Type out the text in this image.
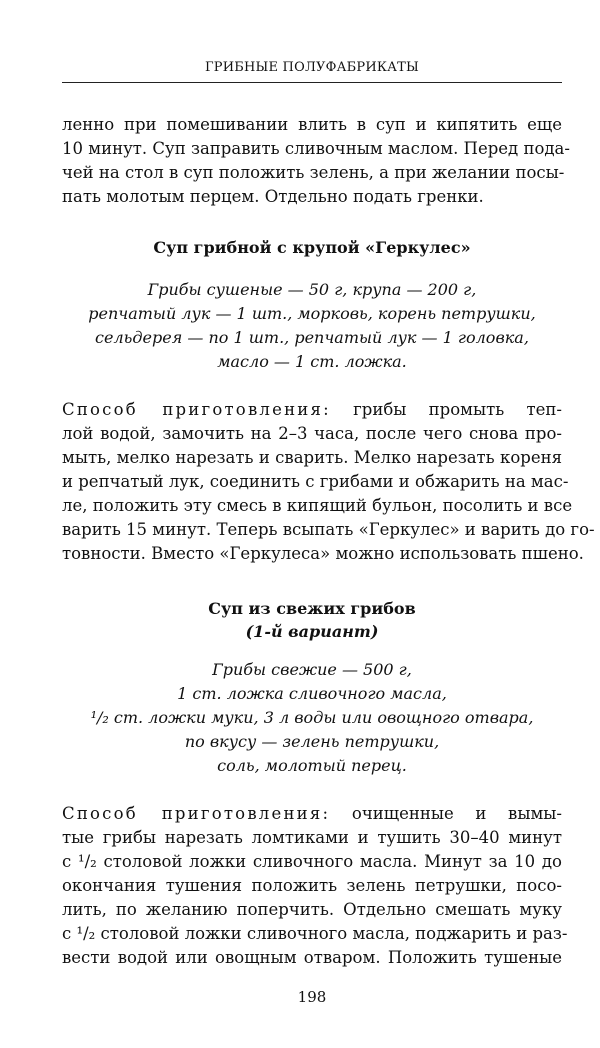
ГРИБНЫЕ ПОЛУФАБРИКАТЫ
ленно при помешивании влить в суп и кипятить еще
10 минут. Суп заправить сливочным маслом. Перед пода-
чей на стол в суп положить зелень, а при желании посы-
пать молотым перцем. Отдельно подать гренки.
Суп грибной с крупой «Геркулес»
Грибы сушеные — 50 г, крупа — 200 г,
репчатый лук — 1 шт., морковь, корень петрушки,
сельдерея — по 1 шт., репчатый лук — 1 головка,
масло — 1 ст. ложка.
Способ приготовления: грибы промыть теп-
лой водой, замочить на 2–3 часа, после чего снова про-
мыть, мелко нарезать и сварить. Мелко нарезать кореня
и репчатый лук, соединить с грибами и обжарить на мас-
ле, положить эту смесь в кипящий бульон, посолить и все
варить 15 минут. Теперь всыпать «Геркулес» и варить до го-
товности. Вместо «Геркулеса» можно использовать пшено.
Суп из свежих грибов
(1-й вариант)
Грибы свежие — 500 г,
1 ст. ложка сливочного масла,
¹/₂ ст. ложки муки, 3 л воды или овощного отвара,
по вкусу — зелень петрушки,
соль, молотый перец.
Способ приготовления: очищенные и вымы-
тые грибы нарезать ломтиками и тушить 30–40 минут
с ¹/₂ столовой ложки сливочного масла. Минут за 10 до
окончания тушения положить зелень петрушки, посо-
лить, по желанию поперчить. Отдельно смешать муку
с ¹/₂ столовой ложки сливочного масла, поджарить и раз-
вести водой или овощным отваром. Положить тушеные
198
